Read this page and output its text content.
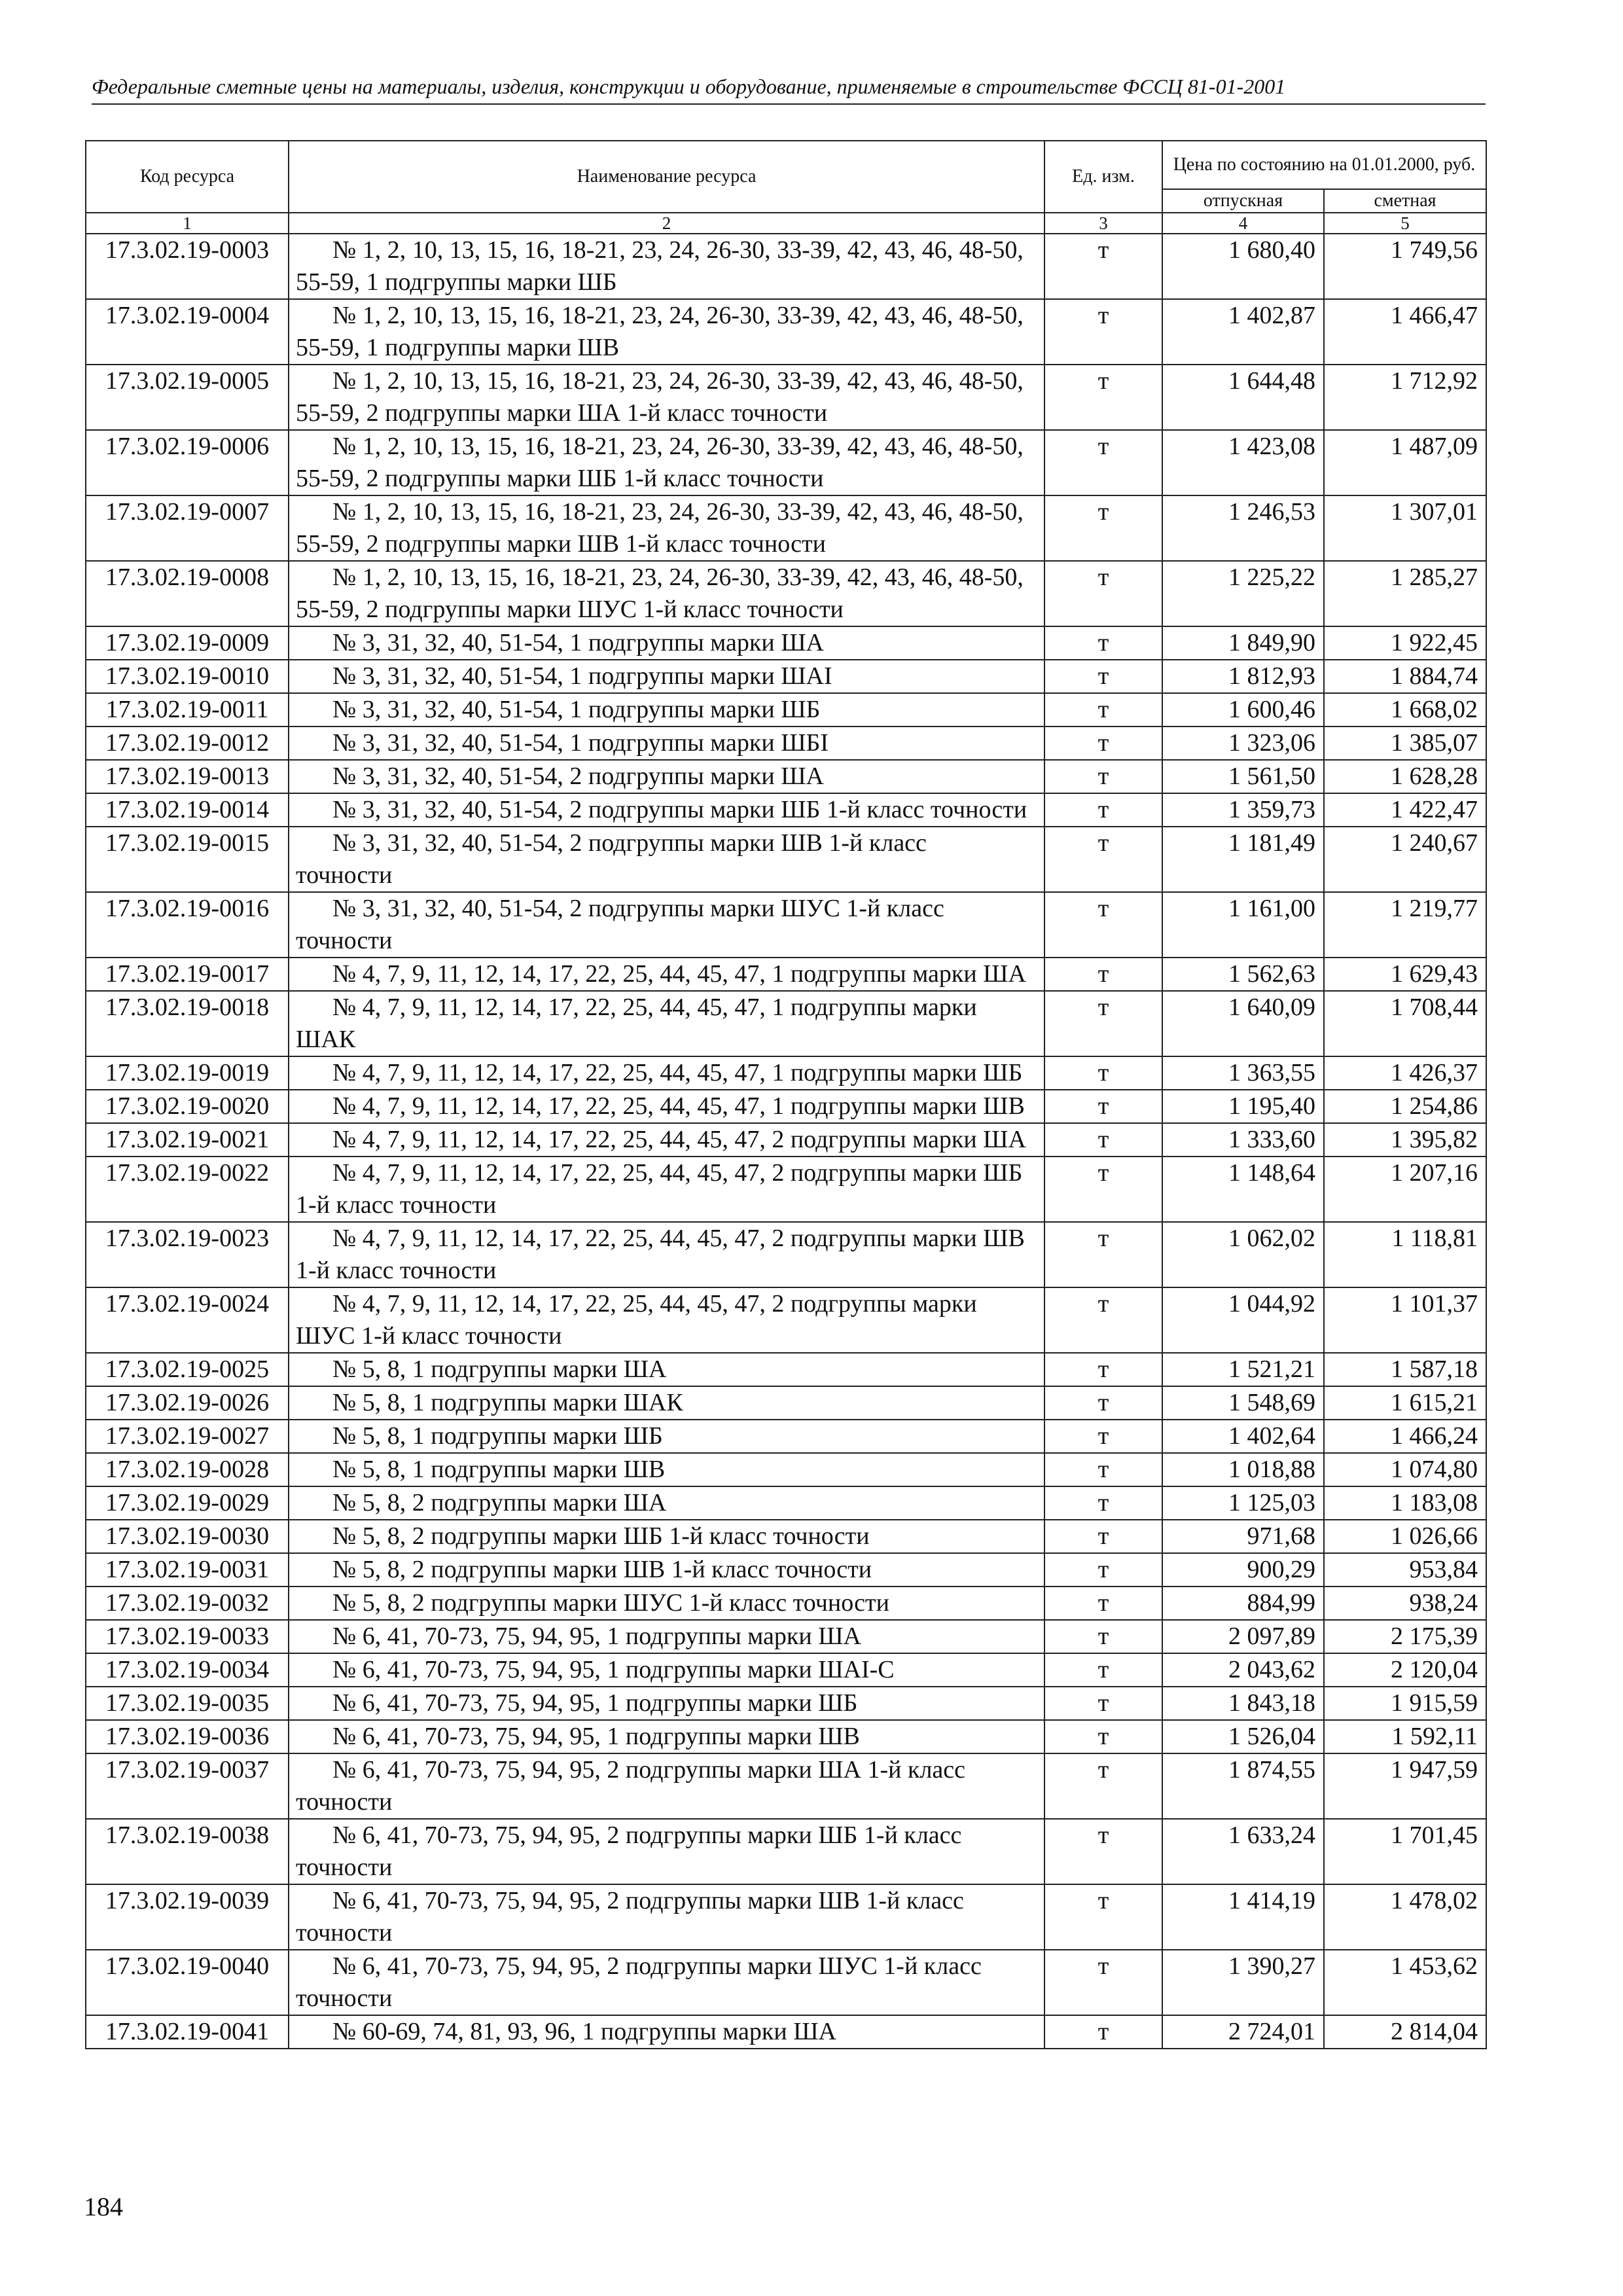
Федеральные сметные цены на материалы, изделия, конструкции и оборудование, применяемые в строительстве ФССЦ 81-01-2001
Код ресурса	Наименование ресурса	Ед. изм.	Цена по состоянию на 01.01.2000, руб.	
			отпускная	сметная
1	2	3	4	5
17.3.02.19-0003	№ 1, 2, 10, 13, 15, 16, 18-21, 23, 24, 26-30, 33-39, 42, 43, 46, 48-50, 55-59, 1 подгруппы марки ШБ	т	1 680,40	1 749,56
17.3.02.19-0004	№ 1, 2, 10, 13, 15, 16, 18-21, 23, 24, 26-30, 33-39, 42, 43, 46, 48-50, 55-59, 1 подгруппы марки ШВ	т	1 402,87	1 466,47
17.3.02.19-0005	№ 1, 2, 10, 13, 15, 16, 18-21, 23, 24, 26-30, 33-39, 42, 43, 46, 48-50, 55-59, 2 подгруппы марки ША 1-й класс точности	т	1 644,48	1 712,92
17.3.02.19-0006	№ 1, 2, 10, 13, 15, 16, 18-21, 23, 24, 26-30, 33-39, 42, 43, 46, 48-50, 55-59, 2 подгруппы марки ШБ 1-й класс точности	т	1 423,08	1 487,09
17.3.02.19-0007	№ 1, 2, 10, 13, 15, 16, 18-21, 23, 24, 26-30, 33-39, 42, 43, 46, 48-50, 55-59, 2 подгруппы марки ШВ 1-й класс точности	т	1 246,53	1 307,01
17.3.02.19-0008	№ 1, 2, 10, 13, 15, 16, 18-21, 23, 24, 26-30, 33-39, 42, 43, 46, 48-50, 55-59, 2 подгруппы марки ШУС 1-й класс точности	т	1 225,22	1 285,27
17.3.02.19-0009	№ 3, 31, 32, 40, 51-54, 1 подгруппы марки ША	т	1 849,90	1 922,45
17.3.02.19-0010	№ 3, 31, 32, 40, 51-54, 1 подгруппы марки ШАI	т	1 812,93	1 884,74
17.3.02.19-0011	№ 3, 31, 32, 40, 51-54, 1 подгруппы марки ШБ	т	1 600,46	1 668,02
17.3.02.19-0012	№ 3, 31, 32, 40, 51-54, 1 подгруппы марки ШБI	т	1 323,06	1 385,07
17.3.02.19-0013	№ 3, 31, 32, 40, 51-54, 2 подгруппы марки ША	т	1 561,50	1 628,28
17.3.02.19-0014	№ 3, 31, 32, 40, 51-54, 2 подгруппы марки ШБ 1-й класс точности	т	1 359,73	1 422,47
17.3.02.19-0015	№ 3, 31, 32, 40, 51-54, 2 подгруппы марки ШВ 1-й класс точности	т	1 181,49	1 240,67
17.3.02.19-0016	№ 3, 31, 32, 40, 51-54, 2 подгруппы марки ШУС 1-й класс точности	т	1 161,00	1 219,77
17.3.02.19-0017	№ 4, 7, 9, 11, 12, 14, 17, 22, 25, 44, 45, 47, 1 подгруппы марки ША	т	1 562,63	1 629,43
17.3.02.19-0018	№ 4, 7, 9, 11, 12, 14, 17, 22, 25, 44, 45, 47, 1 подгруппы марки ШАК	т	1 640,09	1 708,44
17.3.02.19-0019	№ 4, 7, 9, 11, 12, 14, 17, 22, 25, 44, 45, 47, 1 подгруппы марки ШБ	т	1 363,55	1 426,37
17.3.02.19-0020	№ 4, 7, 9, 11, 12, 14, 17, 22, 25, 44, 45, 47, 1 подгруппы марки ШВ	т	1 195,40	1 254,86
17.3.02.19-0021	№ 4, 7, 9, 11, 12, 14, 17, 22, 25, 44, 45, 47, 2 подгруппы марки ША	т	1 333,60	1 395,82
17.3.02.19-0022	№ 4, 7, 9, 11, 12, 14, 17, 22, 25, 44, 45, 47, 2 подгруппы марки ШБ 1-й класс точности	т	1 148,64	1 207,16
17.3.02.19-0023	№ 4, 7, 9, 11, 12, 14, 17, 22, 25, 44, 45, 47, 2 подгруппы марки ШВ 1-й класс точности	т	1 062,02	1 118,81
17.3.02.19-0024	№ 4, 7, 9, 11, 12, 14, 17, 22, 25, 44, 45, 47, 2 подгруппы марки ШУС 1-й класс точности	т	1 044,92	1 101,37
17.3.02.19-0025	№ 5, 8, 1 подгруппы марки ША	т	1 521,21	1 587,18
17.3.02.19-0026	№ 5, 8, 1 подгруппы марки ШАК	т	1 548,69	1 615,21
17.3.02.19-0027	№ 5, 8, 1 подгруппы марки ШБ	т	1 402,64	1 466,24
17.3.02.19-0028	№ 5, 8, 1 подгруппы марки ШВ	т	1 018,88	1 074,80
17.3.02.19-0029	№ 5, 8, 2 подгруппы марки ША	т	1 125,03	1 183,08
17.3.02.19-0030	№ 5, 8, 2 подгруппы марки ШБ 1-й класс точности	т	971,68	1 026,66
17.3.02.19-0031	№ 5, 8, 2 подгруппы марки ШВ 1-й класс точности	т	900,29	953,84
17.3.02.19-0032	№ 5, 8, 2 подгруппы марки ШУС 1-й класс точности	т	884,99	938,24
17.3.02.19-0033	№ 6, 41, 70-73, 75, 94, 95, 1 подгруппы марки ША	т	2 097,89	2 175,39
17.3.02.19-0034	№ 6, 41, 70-73, 75, 94, 95, 1 подгруппы марки ШАI-С	т	2 043,62	2 120,04
17.3.02.19-0035	№ 6, 41, 70-73, 75, 94, 95, 1 подгруппы марки ШБ	т	1 843,18	1 915,59
17.3.02.19-0036	№ 6, 41, 70-73, 75, 94, 95, 1 подгруппы марки ШВ	т	1 526,04	1 592,11
17.3.02.19-0037	№ 6, 41, 70-73, 75, 94, 95, 2 подгруппы марки ША 1-й класс точности	т	1 874,55	1 947,59
17.3.02.19-0038	№ 6, 41, 70-73, 75, 94, 95, 2 подгруппы марки ШБ 1-й класс точности	т	1 633,24	1 701,45
17.3.02.19-0039	№ 6, 41, 70-73, 75, 94, 95, 2 подгруппы марки ШВ 1-й класс точности	т	1 414,19	1 478,02
17.3.02.19-0040	№ 6, 41, 70-73, 75, 94, 95, 2 подгруппы марки ШУС 1-й класс точности	т	1 390,27	1 453,62
17.3.02.19-0041	№ 60-69, 74, 81, 93, 96, 1 подгруппы марки ША	т	2 724,01	2 814,04
184
